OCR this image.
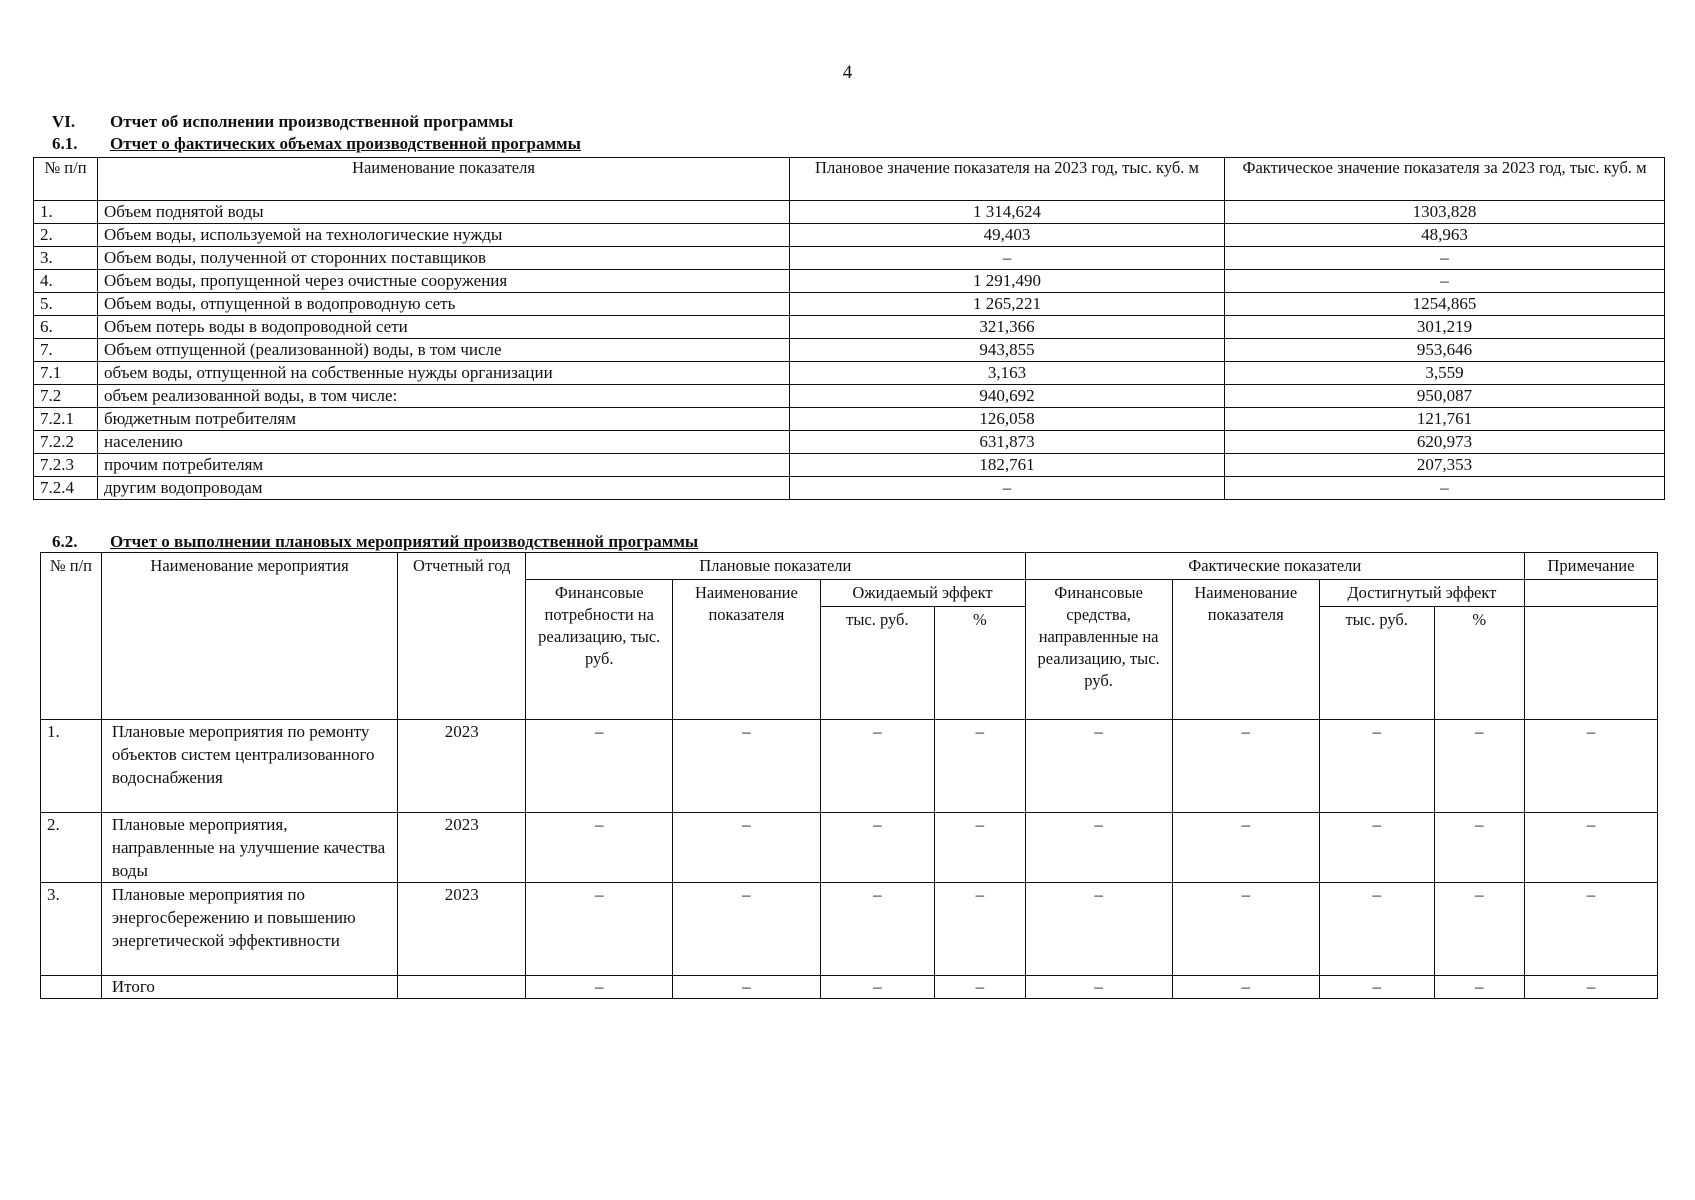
4
VI. Отчет об исполнении производственной программы
6.1. Отчет о фактических объемах производственной программы
№ п/п	Наименование показателя	Плановое значение показателя на 2023 год, тыс. куб. м	Фактическое значение показателя за 2023 год, тыс. куб. м
1.	Объем поднятой воды	1 314,624	1303,828
2.	Объем воды, используемой на технологические нужды	49,403	48,963
3.	Объем воды, полученной от сторонних поставщиков	–	–
4.	Объем воды, пропущенной через очистные сооружения	1 291,490	–
5.	Объем воды, отпущенной в водопроводную сеть	1 265,221	1254,865
6.	Объем потерь воды в водопроводной сети	321,366	301,219
7.	Объем отпущенной (реализованной) воды, в том числе	943,855	953,646
7.1	объем воды, отпущенной на собственные нужды организации	3,163	3,559
7.2	объем реализованной воды, в том числе:	940,692	950,087
7.2.1	бюджетным потребителям	126,058	121,761
7.2.2	населению	631,873	620,973
7.2.3	прочим потребителям	182,761	207,353
7.2.4	другим водопроводам	–	–
6.2. Отчет о выполнении плановых мероприятий производственной программы
№ п/п	Наименование мероприятия	Отчетный год	Плановые показатели				Фактические показатели				Примечание
			Финансовые потребности на реализацию, тыс. руб.	Наименование показателя	Ожидаемый эффект		Финансовые средства, направленные на реализацию, тыс. руб.	Наименование показателя	Достигнутый эффект		
					тыс. руб.	%			тыс. руб.	%	
1.	Плановые мероприятия по ремонту объектов систем централизованного водоснабжения	2023	–	–	–	–	–	–	–	–	–
2.	Плановые мероприятия, направленные на улучшение качества воды	2023	–	–	–	–	–	–	–	–	–
3.	Плановые мероприятия по энергосбережению и повышению энергетической эффективности	2023	–	–	–	–	–	–	–	–	–
	Итого		–	–	–	–	–	–	–	–	–
